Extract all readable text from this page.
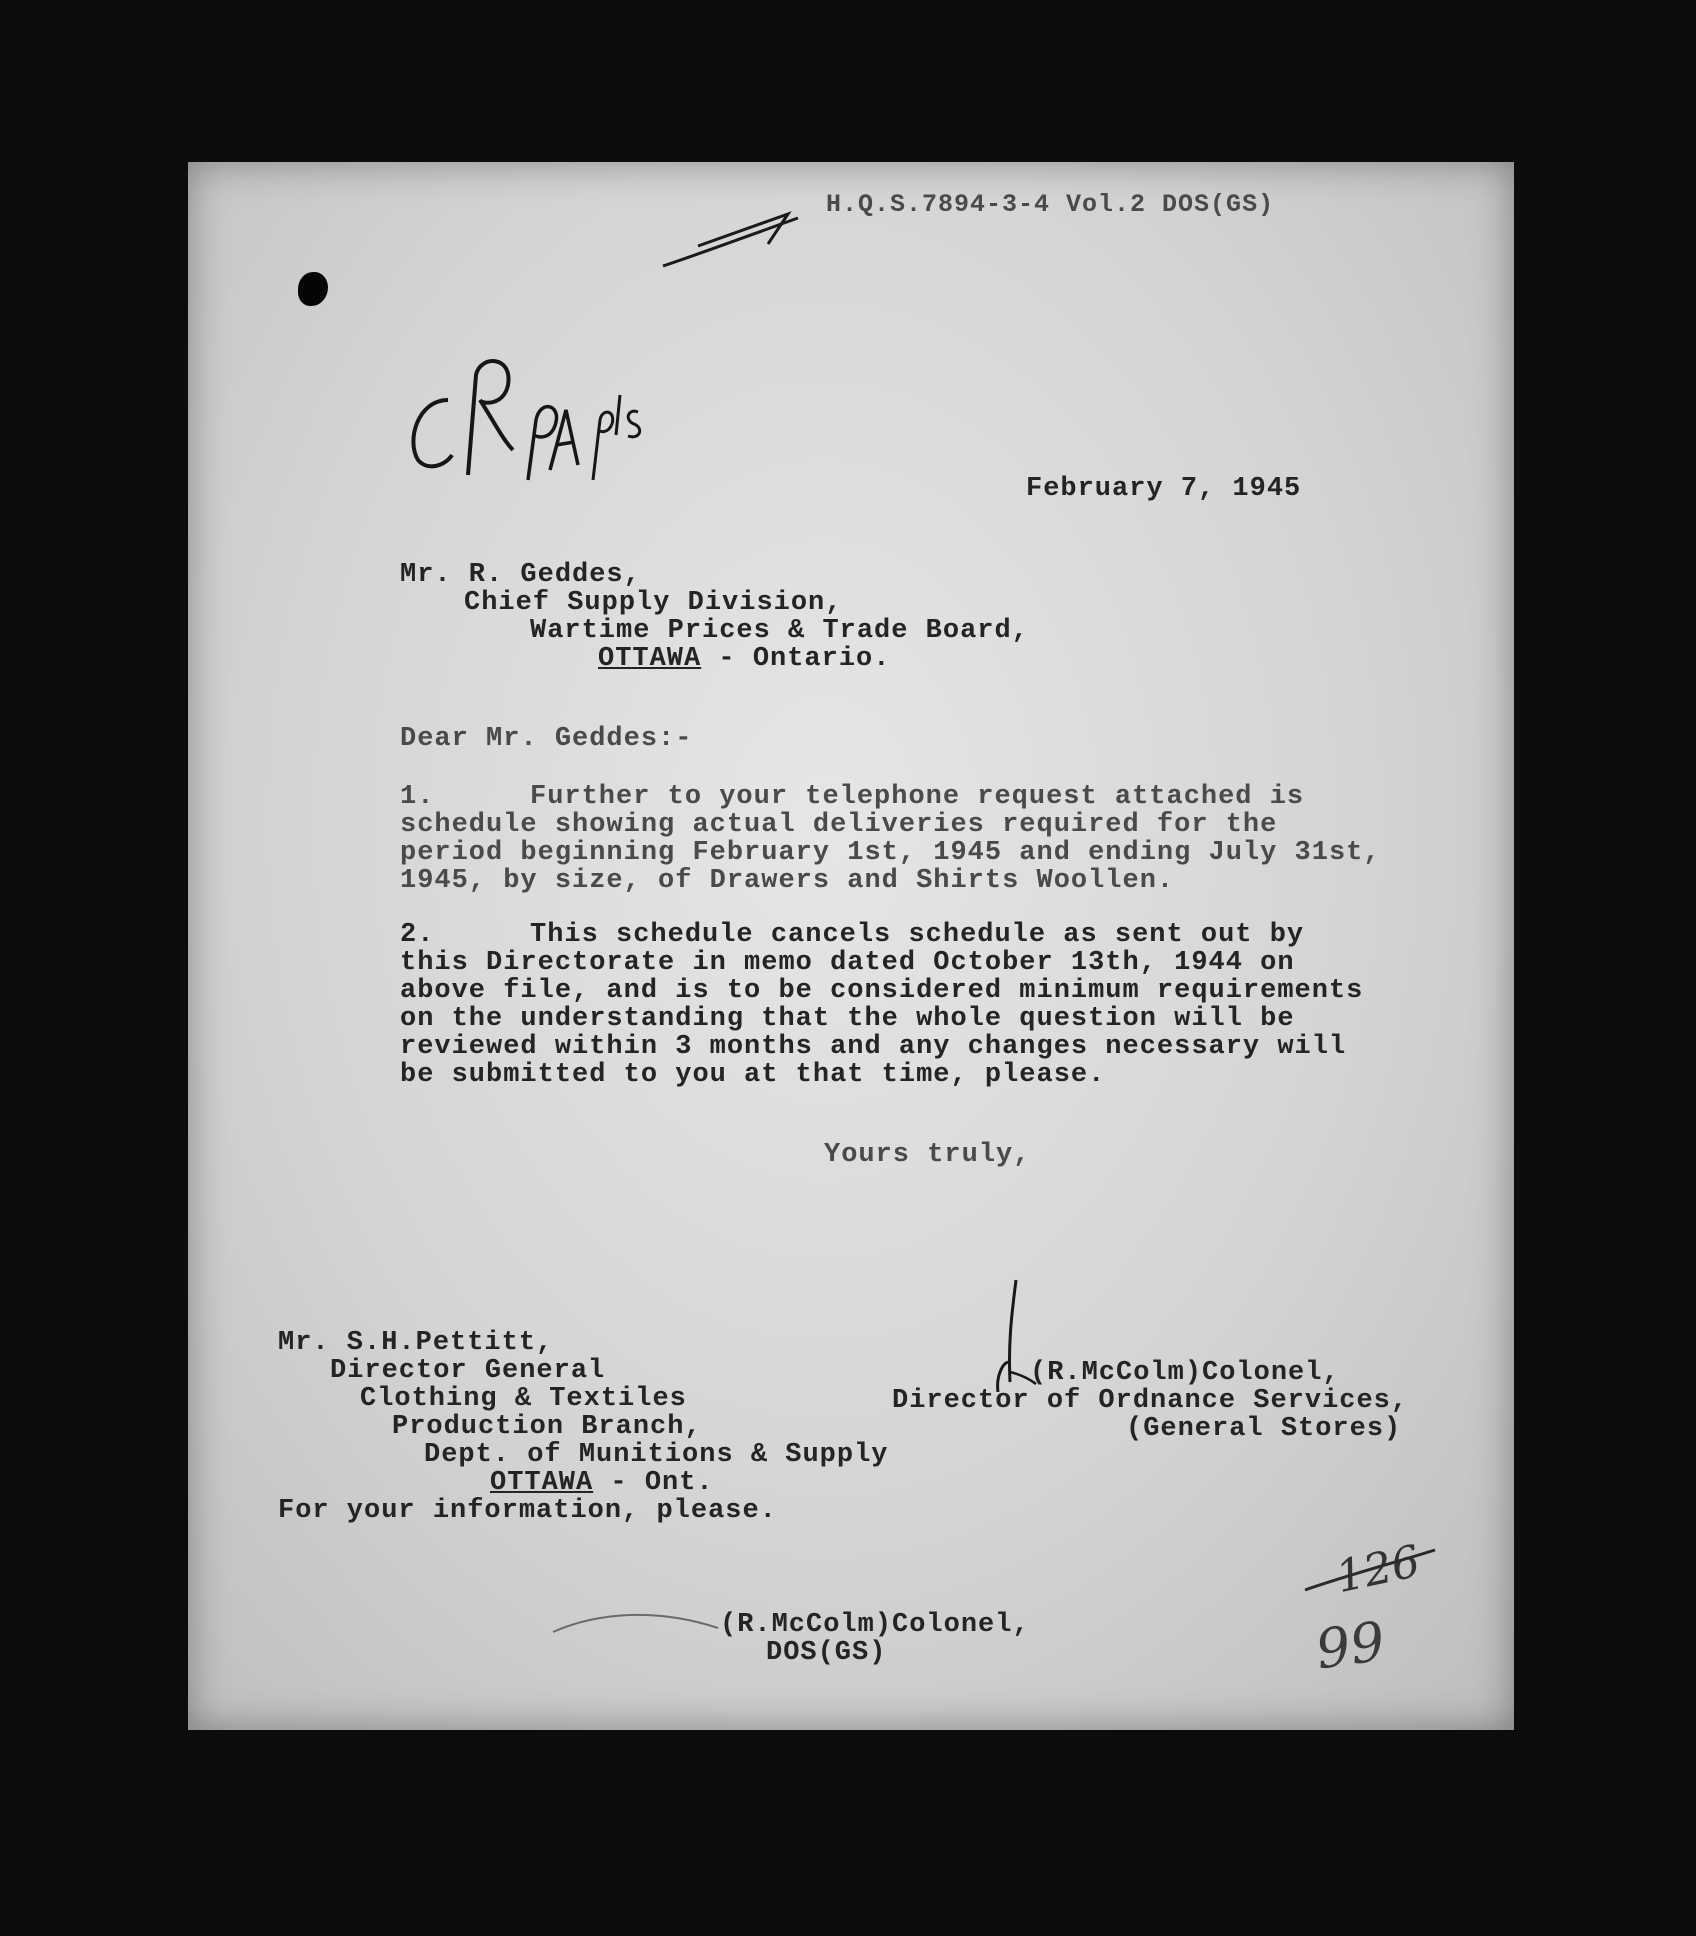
H.Q.S.7894-3-4 Vol.2 DOS(GS)
February 7, 1945
Mr. R. Geddes,
Chief Supply Division,
Wartime Prices & Trade Board,
OTTAWA - Ontario.
Dear Mr. Geddes:-
1.	Further to your telephone request attached is
schedule showing actual deliveries required for the
period beginning February 1st, 1945 and ending July 31st,
1945, by size, of Drawers and Shirts Woollen.
2.	This schedule cancels schedule as sent out by
this Directorate in memo dated October 13th, 1944 on
above file, and is to be considered minimum requirements
on the understanding that the whole question will be
reviewed within 3 months and any changes necessary will
be submitted to you at that time, please.
Yours truly,
(R.McColm)Colonel,
Director of Ordnance Services,
(General Stores)
Mr. S.H.Pettitt,
Director General
Clothing & Textiles
Production Branch,
Dept. of Munitions & Supply
OTTAWA - Ont.
For your information, please.
(R.McColm)Colonel,
DOS(GS)
126
99
